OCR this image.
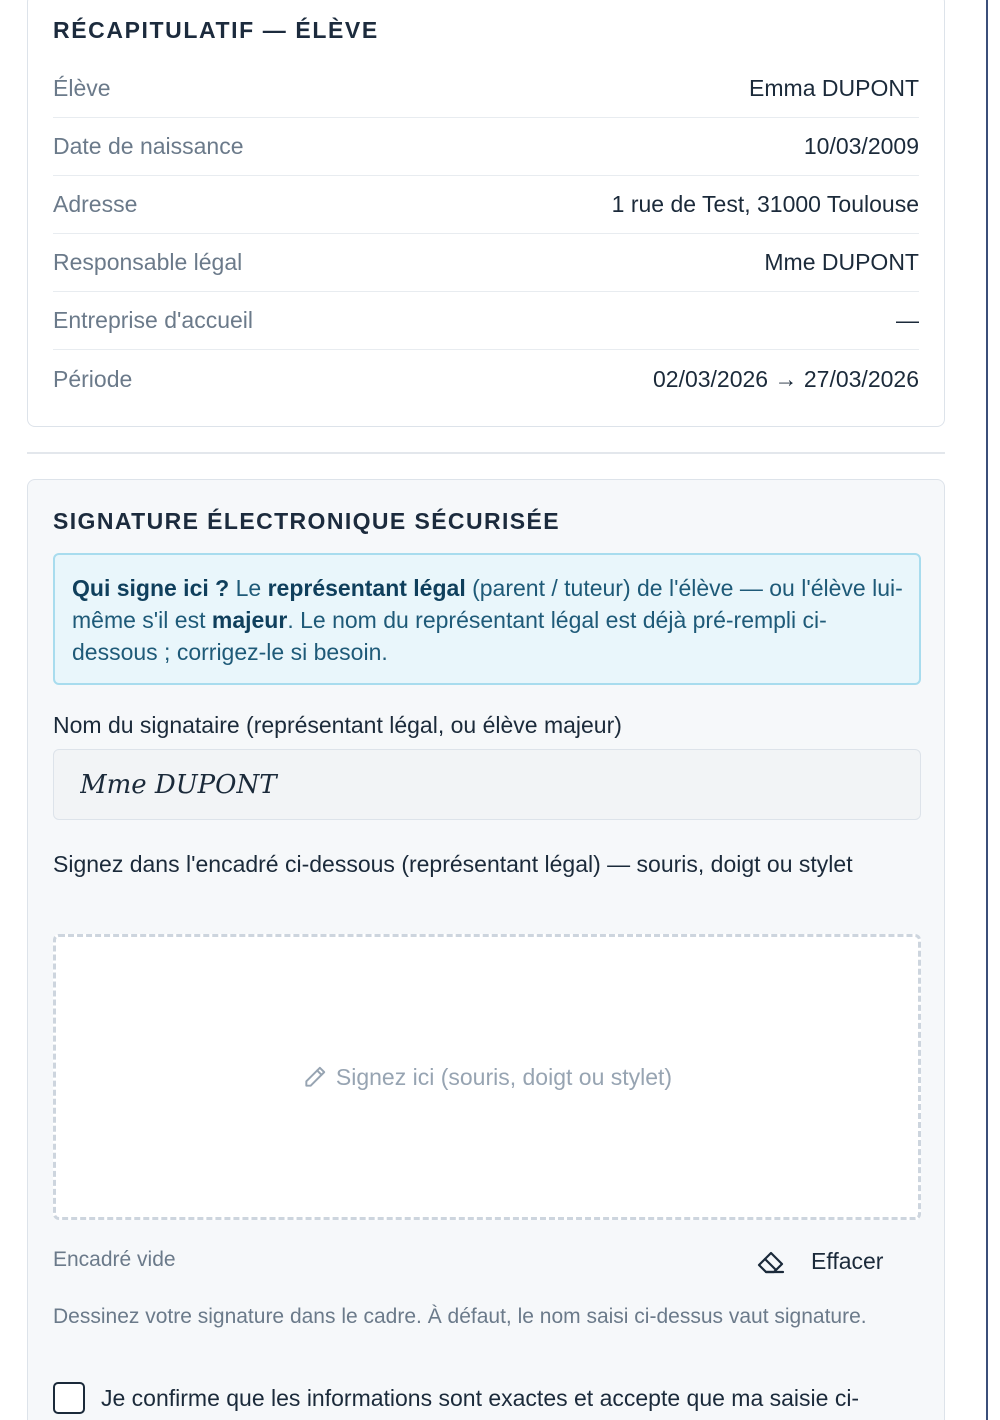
RÉCAPITULATIF — ÉLÈVE
Élève	Emma DUPONT
Date de naissance	10/03/2009
Adresse	1 rue de Test, 31000 Toulouse
Responsable légal	Mme DUPONT
Entreprise d'accueil	—
Période	02/03/2026 → 27/03/2026
SIGNATURE ÉLECTRONIQUE SÉCURISÉE
Qui signe ici ? Le représentant légal (parent / tuteur) de l'élève — ou l'élève lui-même s'il est majeur. Le nom du représentant légal est déjà pré-rempli ci-dessous ; corrigez-le si besoin.
Nom du signataire (représentant légal, ou élève majeur)
Mme DUPONT
Signez dans l'encadré ci-dessous (représentant légal) — souris, doigt ou stylet
Signez ici (souris, doigt ou stylet)
Encadré vide	Effacer

Dessinez votre signature dans le cadre. À défaut, le nom saisi ci-dessus vaut signature.

Je confirme que les informations sont exactes et accepte que ma saisie ci-
